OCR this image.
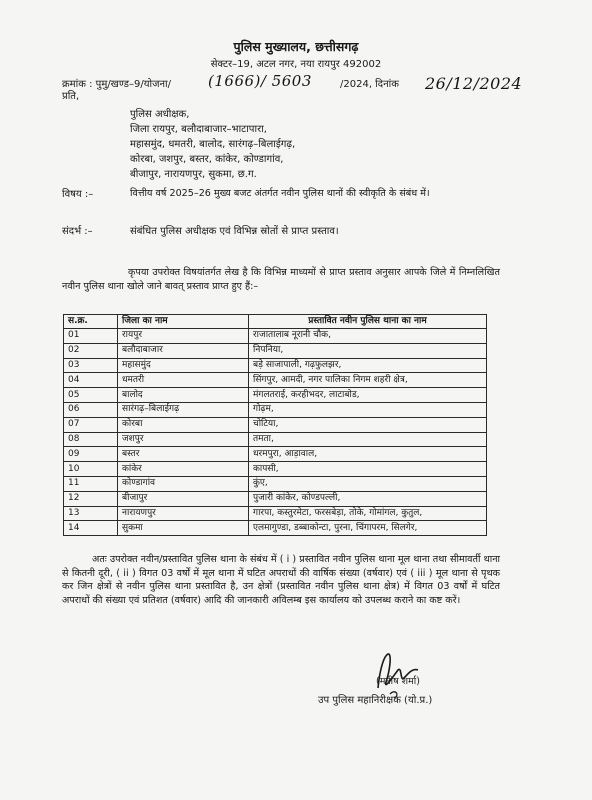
पुलिस मुख्यालय, छत्तीसगढ़
सेक्टर–19, अटल नगर, नया रायपुर 492002
क्रमांक : पुमु/खण्ड–9/योजना/ (1666)/ 5603	/2024, दिनांक 26/12/2024
प्रति,
पुलिस अधीक्षक,
जिला रायपुर, बलौदाबाजार–भाटापारा,
महासमुंद, धमतरी, बालोद, सारंगढ़–बिलाईगढ़,
कोरबा, जशपुर, बस्तर, कांकेर, कोण्डागांव,
बीजापुर, नारायणपुर, सुकमा, छ.ग.
विषय :–	वित्तीय वर्ष 2025–26 मुख्य बजट अंतर्गत नवीन पुलिस थानों की स्वीकृति के संबंध में।
संदर्भ :–	संबंधित पुलिस अधीक्षक एवं विभिन्न स्रोतों से प्राप्त प्रस्ताव।
कृपया उपरोक्त विषयांतर्गत लेख है कि विभिन्न माध्यमों से प्राप्त प्रस्ताव अनुसार आपके जिले में निम्नलिखित नवीन पुलिस थाना खोले जाने बावत् प्रस्ताव प्राप्त हुए हैं:–
स.क्र.	जिला का नाम	प्रस्तावित नवीन पुलिस थाना का नाम
01	रायपुर	राजातालाब नूरानी चौक,
02	बलौदाबाजार	निपनिया,
03	महासमुंद	बड़े साजापाली, गढ़फुलझर,
04	धमतरी	सिंगपुर, आमदी, नगर पालिका निगम शहरी क्षेत्र,
05	बालोद	मंगलतराई, करहीभदर, लाटाबोड,
06	सारंगढ़–बिलाईगढ़	गोढ़म,
07	कोरबा	चोटिया,
08	जशपुर	तमता,
09	बस्तर	धरमपुरा, आड़ावाल,
10	कांकेर	कापसी,
11	कोण्डागांव	कुंए,
12	बीजापुर	पुजारी कांकेर, कोण्डपल्ली,
13	नारायणपुर	गारपा, कस्तुरमेटा, फरसबेड़ा, तोके, गोमांगल, कुतुल,
14	सुकमा	एलमागुण्डा, डब्बाकोन्टा, पुरना, चिंगापरम, सिलगेर,
अतः उपरोक्त नवीन/प्रस्तावित पुलिस थाना के संबंध में ( i ) प्रस्तावित नवीन पुलिस थाना मूल थाना तथा सीमावर्ती थाना से कितनी दूरी, ( ii ) विगत 03 वर्षों में मूल थाना में घटित अपराधों की वार्षिक संख्या (वर्षवार) एवं ( iii ) मूल थाना से पृथक कर जिन क्षेत्रों से नवीन पुलिस थाना प्रस्तावित है, उन क्षेत्रों (प्रस्तावित नवीन पुलिस थाना क्षेत्र) में विगत 03 वर्षों में घटित अपराधों की संख्या एवं प्रतिशत (वर्षवार) आदि की जानकारी अविलम्ब इस कार्यालय को उपलब्ध कराने का कष्ट करें।
(मनीष शर्मा)
उप पुलिस महानिरीक्षक (यो.प्र.)
